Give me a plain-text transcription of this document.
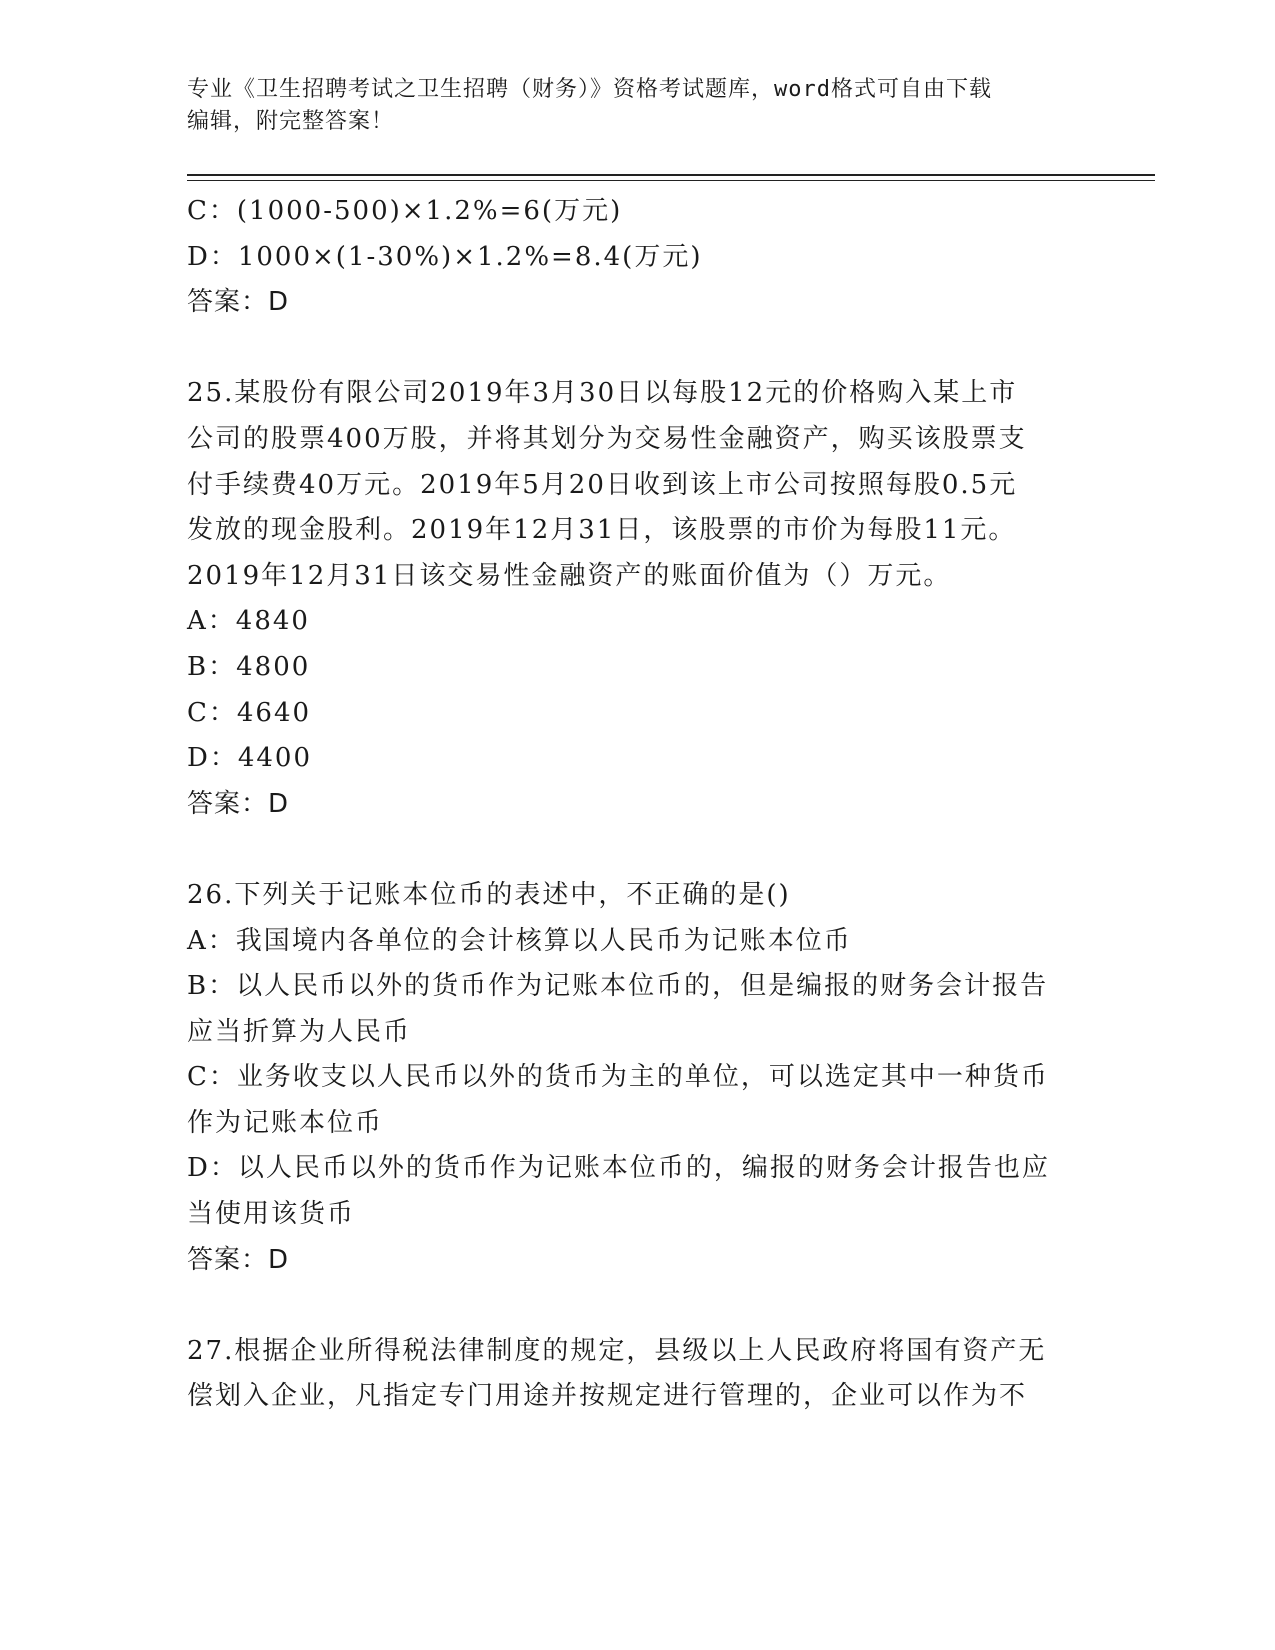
专业《卫生招聘考试之卫生招聘（财务）》资格考试题库，word格式可自由下载
编辑，附完整答案！
C：(1000-500)×1.2%=6(万元)
D：1000×(1-30%)×1.2%=8.4(万元)
答案：D
25.某股份有限公司2019年3月30日以每股12元的价格购入某上市
公司的股票400万股，并将其划分为交易性金融资产，购买该股票支
付手续费40万元。2019年5月20日收到该上市公司按照每股0.5元
发放的现金股利。2019年12月31日，该股票的市价为每股11元。
2019年12月31日该交易性金融资产的账面价值为（）万元。
A：4840
B：4800
C：4640
D：4400
答案：D
26.下列关于记账本位币的表述中，不正确的是()
A：我国境内各单位的会计核算以人民币为记账本位币
B：以人民币以外的货币作为记账本位币的，但是编报的财务会计报告
应当折算为人民币
C：业务收支以人民币以外的货币为主的单位，可以选定其中一种货币
作为记账本位币
D：以人民币以外的货币作为记账本位币的，编报的财务会计报告也应
当使用该货币
答案：D
27.根据企业所得税法律制度的规定，县级以上人民政府将国有资产无
偿划入企业，凡指定专门用途并按规定进行管理的，企业可以作为不
